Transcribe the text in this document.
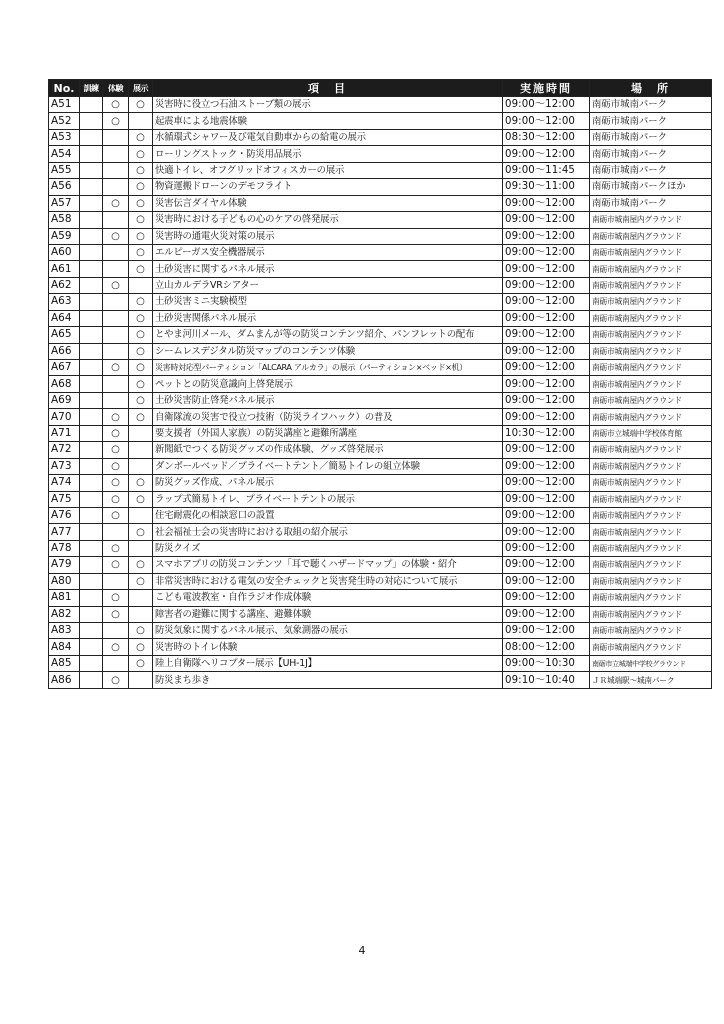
No.	訓練	体験	展示	項　目	実施時間	場　所
A51		○	○	災害時に役立つ石油ストーブ類の展示	09:00～12:00	南砺市城南パーク
A52		○		起震車による地震体験	09:00～12:00	南砺市城南パーク
A53			○	水循環式シャワー及び電気自動車からの給電の展示	08:30～12:00	南砺市城南パーク
A54			○	ローリングストック・防災用品展示	09:00～12:00	南砺市城南パーク
A55			○	快適トイレ、オフグリッドオフィスカーの展示	09:00～11:45	南砺市城南パーク
A56			○	物資運搬ドローンのデモフライト	09:30～11:00	南砺市城南パークほか
A57		○	○	災害伝言ダイヤル体験	09:00～12:00	南砺市城南パーク
A58			○	災害時における子どもの心のケアの啓発展示	09:00～12:00	南砺市城南屋内グラウンド
A59		○	○	災害時の通電火災対策の展示	09:00～12:00	南砺市城南屋内グラウンド
A60			○	エルピーガス安全機器展示	09:00～12:00	南砺市城南屋内グラウンド
A61			○	土砂災害に関するパネル展示	09:00～12:00	南砺市城南屋内グラウンド
A62		○		立山カルデラVRシアター	09:00～12:00	南砺市城南屋内グラウンド
A63			○	土砂災害ミニ実験模型	09:00～12:00	南砺市城南屋内グラウンド
A64			○	土砂災害関係パネル展示	09:00～12:00	南砺市城南屋内グラウンド
A65			○	とやま河川メール、ダムまんが等の防災コンテンツ紹介、パンフレットの配布	09:00～12:00	南砺市城南屋内グラウンド
A66			○	シームレスデジタル防災マップのコンテンツ体験	09:00～12:00	南砺市城南屋内グラウンド
A67		○	○	災害時対応型パーティション「ALCARA アルカラ」の展示（パーティション×ベッド×机）	09:00～12:00	南砺市城南屋内グラウンド
A68			○	ペットとの防災意識向上啓発展示	09:00～12:00	南砺市城南屋内グラウンド
A69			○	土砂災害防止啓発パネル展示	09:00～12:00	南砺市城南屋内グラウンド
A70		○	○	自衛隊流の災害で役立つ技術（防災ライフハック）の普及	09:00～12:00	南砺市城南屋内グラウンド
A71		○		要支援者（外国人家族）の防災講座と避難所講座	10:30～12:00	南砺市立城端中学校体育館
A72		○		新聞紙でつくる防災グッズの作成体験、グッズ啓発展示	09:00～12:00	南砺市城南屋内グラウンド
A73		○		ダンボールベッド／プライベートテント／簡易トイレの組立体験	09:00～12:00	南砺市城南屋内グラウンド
A74		○	○	防災グッズ作成、パネル展示	09:00～12:00	南砺市城南屋内グラウンド
A75		○	○	ラップ式簡易トイレ、プライベートテントの展示	09:00～12:00	南砺市城南屋内グラウンド
A76		○		住宅耐震化の相談窓口の設置	09:00～12:00	南砺市城南屋内グラウンド
A77			○	社会福祉士会の災害時における取組の紹介展示	09:00～12:00	南砺市城南屋内グラウンド
A78		○		防災クイズ	09:00～12:00	南砺市城南屋内グラウンド
A79		○	○	スマホアプリの防災コンテンツ「耳で聴くハザードマップ」の体験・紹介	09:00～12:00	南砺市城南屋内グラウンド
A80			○	非常災害時における電気の安全チェックと災害発生時の対応について展示	09:00～12:00	南砺市城南屋内グラウンド
A81		○		こども電波教室・自作ラジオ作成体験	09:00～12:00	南砺市城南屋内グラウンド
A82		○		障害者の避難に関する講座、避難体験	09:00～12:00	南砺市城南屋内グラウンド
A83			○	防災気象に関するパネル展示、気象測器の展示	09:00～12:00	南砺市城南屋内グラウンド
A84		○	○	災害時のトイレ体験	08:00～12:00	南砺市城南屋内グラウンド
A85			○	陸上自衛隊ヘリコプター展示【UH-1J】	09:00～10:30	南砺市立城端中学校グラウンド
A86		○		防災まち歩き	09:10～10:40	ＪＲ城端駅～城南パーク
4
